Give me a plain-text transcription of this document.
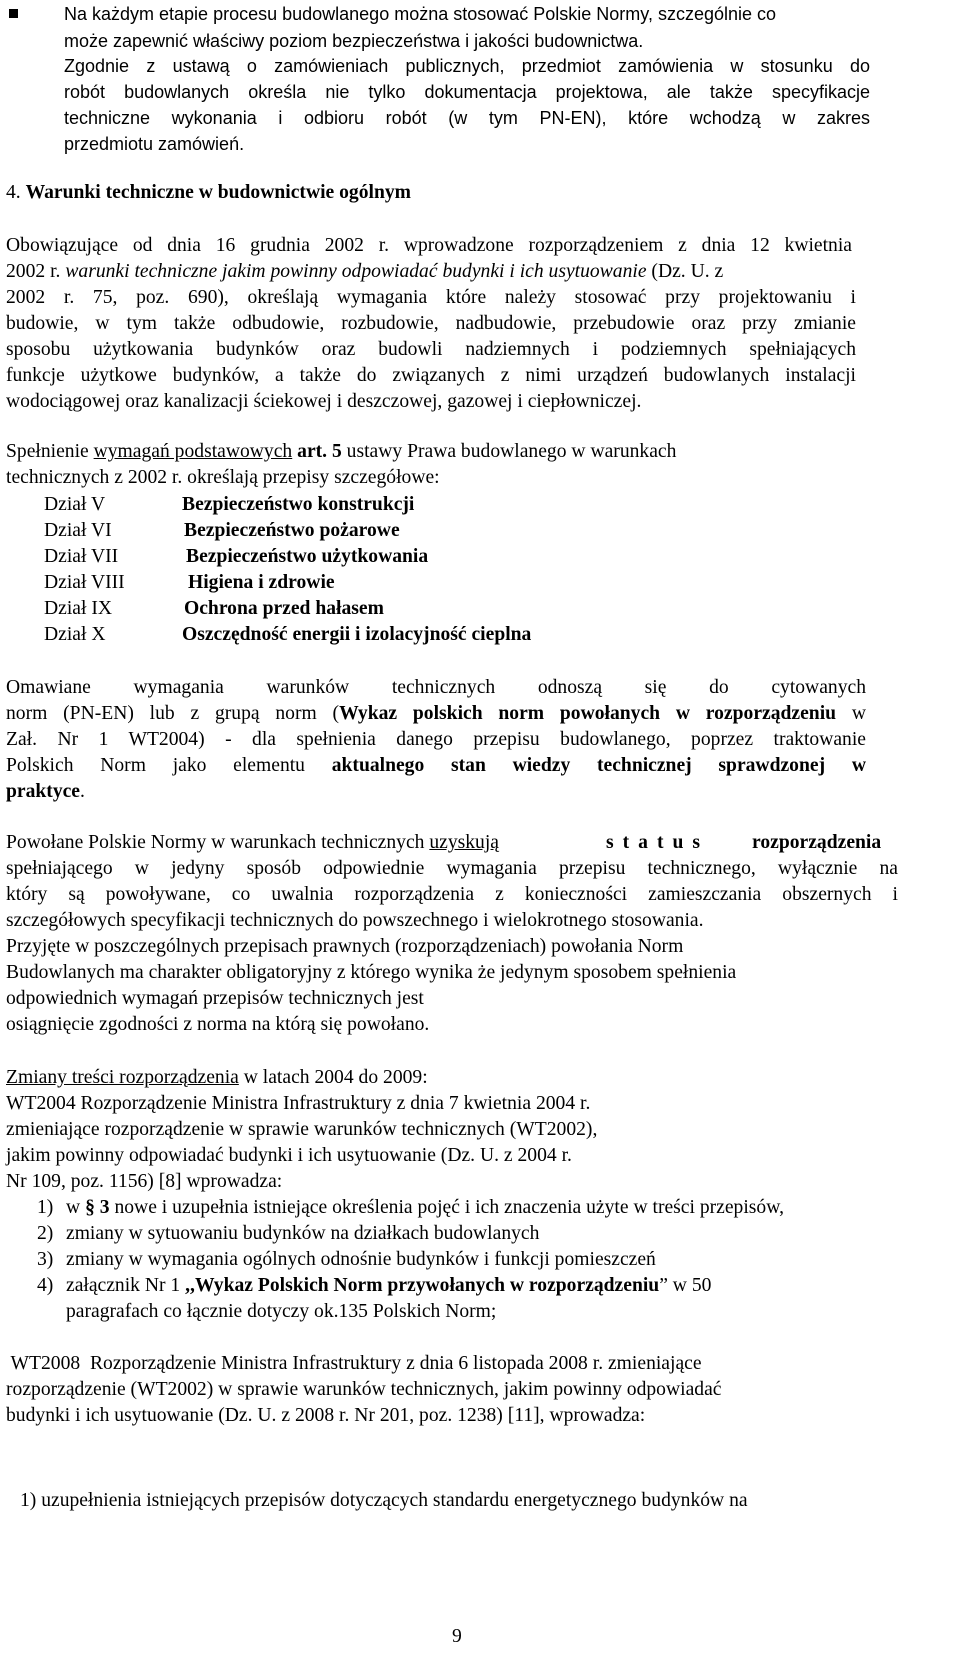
Na każdym etapie procesu budowlanego można stosować Polskie Normy, szczególnie co
może zapewnić właściwy poziom bezpieczeństwa i jakości budownictwa.
Zgodnie z ustawą o zamówieniach publicznych, przedmiot zamówienia w stosunku do
robót budowlanych określa nie tylko dokumentacja projektowa, ale także specyfikacje
techniczne wykonania i odbioru robót (w tym PN-EN), które wchodzą w zakres
przedmiotu zamówień.
4. Warunki techniczne w budownictwie ogólnym
Obowiązujące od dnia 16 grudnia 2002 r. wprowadzone rozporządzeniem z dnia 12 kwietnia
2002 r. warunki techniczne jakim powinny odpowiadać budynki i ich usytuowanie (Dz. U. z
2002 r. 75, poz. 690), określają wymagania które należy stosować przy projektowaniu i
budowie, w tym także odbudowie, rozbudowie, nadbudowie, przebudowie oraz przy zmianie
sposobu użytkowania budynków oraz budowli nadziemnych i podziemnych spełniających
funkcje użytkowe budynków, a także do związanych z nimi urządzeń budowlanych instalacji
wodociągowej oraz kanalizacji ściekowej i deszczowej, gazowej i ciepłowniczej.
Spełnienie wymagań podstawowych art. 5 ustawy Prawa budowlanego w warunkach
technicznych z 2002 r. określają przepisy szczegółowe:
Dział V	Bezpieczeństwo konstrukcji
Dział VI	Bezpieczeństwo pożarowe
Dział VII	Bezpieczeństwo użytkowania
Dział VIII	Higiena i zdrowie
Dział IX	Ochrona przed hałasem
Dział X	Oszczędność energii i izolacyjność cieplna
Omawiane wymagania warunków technicznych odnoszą się do cytowanych
norm (PN-EN) lub z grupą norm (Wykaz polskich norm powołanych w rozporządzeniu w
Zał. Nr 1 WT2004) - dla spełnienia danego przepisu budowlanego, poprzez traktowanie
Polskich Norm jako elementu aktualnego stan wiedzy technicznej sprawdzonej w
praktyce.
Powołane Polskie Normy w warunkach technicznych uzyskują	status rozporządzenia
spełniającego w jedyny sposób odpowiednie wymagania przepisu technicznego, wyłącznie na
który są powoływane, co uwalnia rozporządzenia z konieczności zamieszczania obszernych i
szczegółowych specyfikacji technicznych do powszechnego i wielokrotnego stosowania.
Przyjęte w poszczególnych przepisach prawnych (rozporządzeniach) powołania Norm
Budowlanych ma charakter obligatoryjny z którego wynika że jedynym sposobem spełnienia
odpowiednich wymagań przepisów technicznych jest
osiągnięcie zgodności z norma na którą się powołano.
Zmiany treści rozporządzenia w latach 2004 do 2009:
WT2004 Rozporządzenie Ministra Infrastruktury z dnia 7 kwietnia 2004 r.
zmieniające rozporządzenie w sprawie warunków technicznych (WT2002),
jakim powinny odpowiadać budynki i ich usytuowanie (Dz. U. z 2004 r.
Nr 109, poz. 1156) [8] wprowadza:
1) w § 3 nowe i uzupełnia istniejące określenia pojęć i ich znaczenia użyte w treści przepisów,
2) zmiany w sytuowaniu budynków na działkach budowlanych
3) zmiany w wymagania ogólnych odnośnie budynków i funkcji pomieszczeń
4) załącznik Nr 1 ,,Wykaz Polskich Norm przywołanych w rozporządzeniu” w 50
paragrafach co łącznie dotyczy ok.135 Polskich Norm;
WT2008  Rozporządzenie Ministra Infrastruktury z dnia 6 listopada 2008 r. zmieniające
rozporządzenie (WT2002) w sprawie warunków technicznych, jakim powinny odpowiadać
budynki i ich usytuowanie (Dz. U. z 2008 r. Nr 201, poz. 1238) [11], wprowadza:
1) uzupełnienia istniejących przepisów dotyczących standardu energetycznego budynków na
9
